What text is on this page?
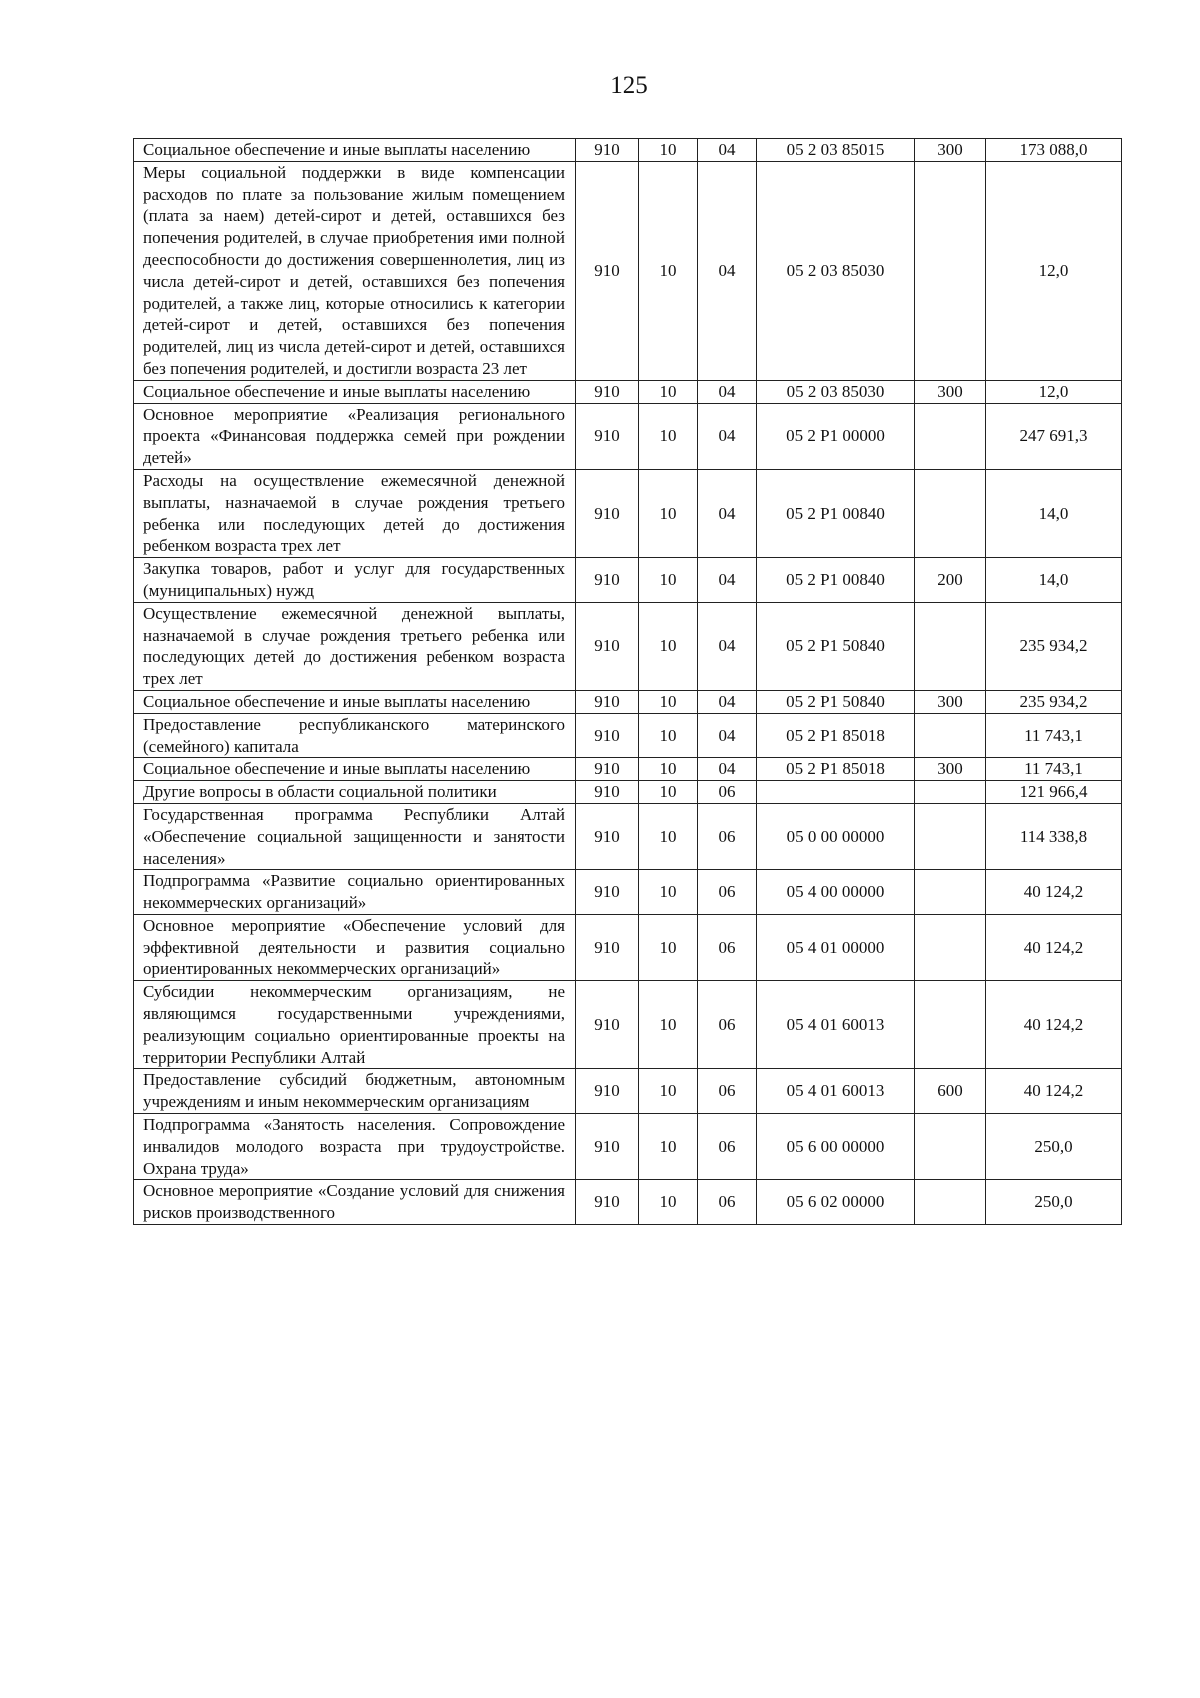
125
Социальное обеспечение и иные выплаты населению	910	10	04	05 2 03 85015	300	173 088,0
Меры социальной поддержки в виде компенсации расходов по плате за пользование жилым помещением (плата за наем) детей-сирот и детей, оставшихся без попечения родителей, в случае приобретения ими полной дееспособности до достижения совершеннолетия, лиц из числа детей-сирот и детей, оставшихся без попечения родителей, а также лиц, которые относились к категории детей-сирот и детей, оставшихся без попечения родителей, лиц из числа детей-сирот и детей, оставшихся без попечения родителей, и достигли возраста 23 лет	910	10	04	05 2 03 85030		12,0
Социальное обеспечение и иные выплаты населению	910	10	04	05 2 03 85030	300	12,0
Основное мероприятие «Реализация регионального проекта «Финансовая поддержка семей при рождении детей»	910	10	04	05 2 Р1 00000		247 691,3
Расходы на осуществление ежемесячной денежной выплаты, назначаемой в случае рождения третьего ребенка или последующих детей до достижения ребенком возраста трех лет	910	10	04	05 2 Р1 00840		14,0
Закупка товаров, работ и услуг для государственных (муниципальных) нужд	910	10	04	05 2 Р1 00840	200	14,0
Осуществление ежемесячной денежной выплаты, назначаемой в случае рождения третьего ребенка или последующих детей до достижения ребенком возраста трех лет	910	10	04	05 2 Р1 50840		235 934,2
Социальное обеспечение и иные выплаты населению	910	10	04	05 2 Р1 50840	300	235 934,2
Предоставление республиканского материнского (семейного) капитала	910	10	04	05 2 Р1 85018		11 743,1
Социальное обеспечение и иные выплаты населению	910	10	04	05 2 Р1 85018	300	11 743,1
Другие вопросы в области социальной политики	910	10	06			121 966,4
Государственная программа Республики Алтай «Обеспечение социальной защищенности и занятости населения»	910	10	06	05 0 00 00000		114 338,8
Подпрограмма «Развитие социально ориентированных некоммерческих организаций»	910	10	06	05 4 00 00000		40 124,2
Основное мероприятие «Обеспечение условий для эффективной деятельности и развития социально ориентированных некоммерческих организаций»	910	10	06	05 4 01 00000		40 124,2
Субсидии некоммерческим организациям, не являющимся государственными учреждениями, реализующим социально ориентированные проекты на территории Республики Алтай	910	10	06	05 4 01 60013		40 124,2
Предоставление субсидий бюджетным, автономным учреждениям и иным некоммерческим организациям	910	10	06	05 4 01 60013	600	40 124,2
Подпрограмма «Занятость населения. Сопровождение инвалидов молодого возраста при трудоустройстве. Охрана труда»	910	10	06	05 6 00 00000		250,0
Основное мероприятие «Создание условий для снижения рисков производственного	910	10	06	05 6 02 00000		250,0
